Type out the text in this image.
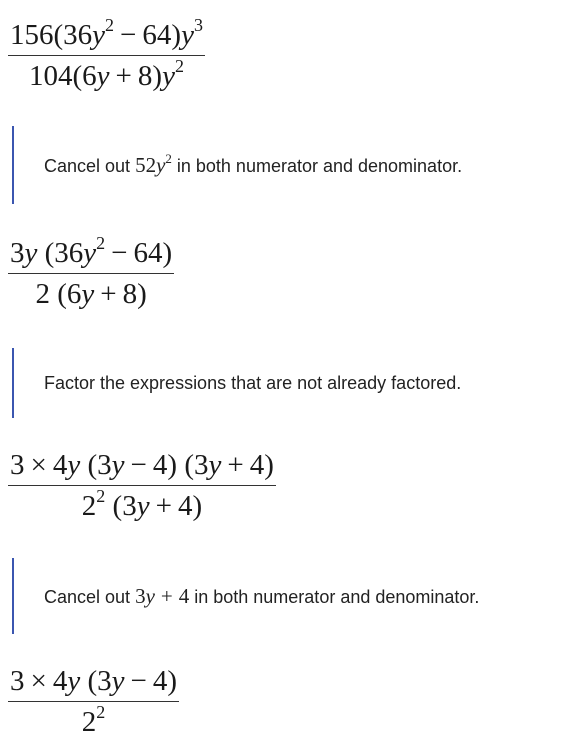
$156(36y^2 - 64)y^3$
$104(6y + 8)y^2$
Cancel out $52y^2$ in both numerator and denominator.
3y $(36y^2 - 64)$
2 (6y + 8)
Factor the expressions that are not already factored.
3 × 4y (3y − 4) (3y + 4)
$2^2$ (3y + 4)
Cancel out 3y + 4 in both numerator and denominator.
3 × 4y (3y − 4)
$2^2$
